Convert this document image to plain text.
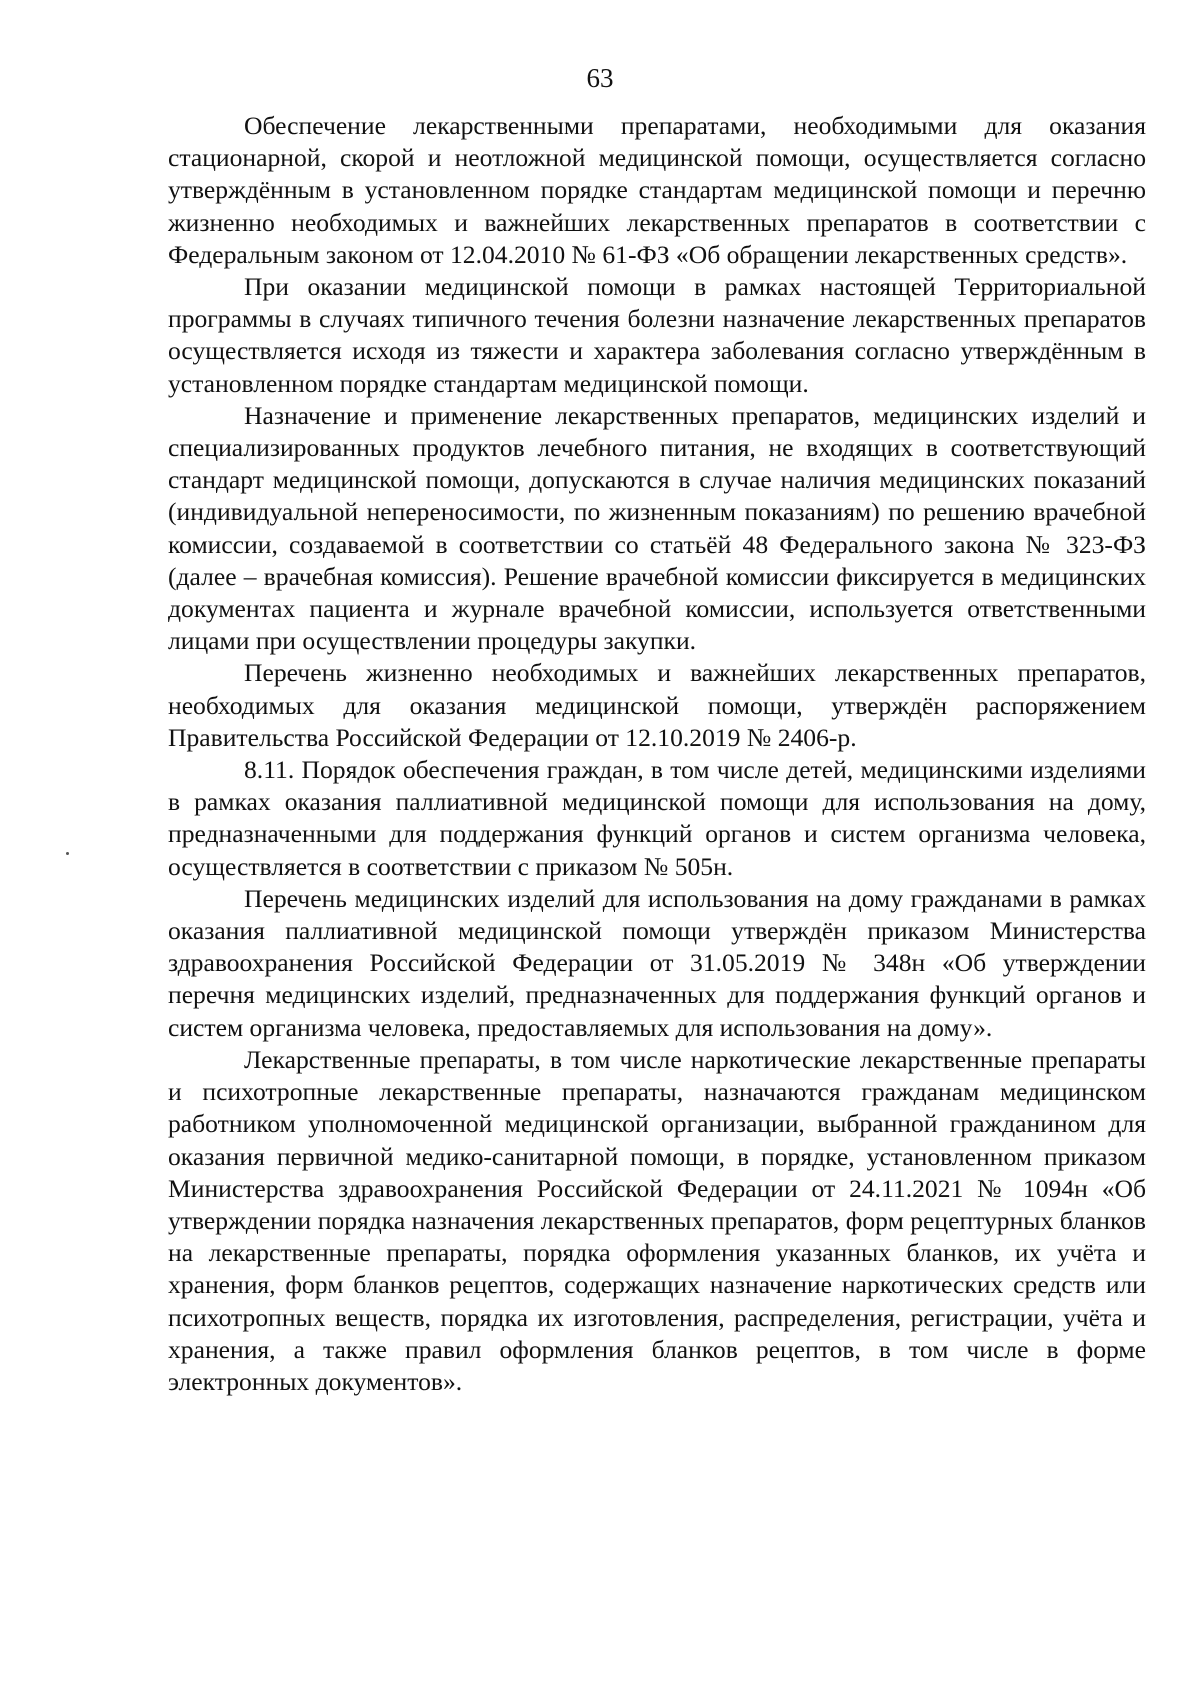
63

Обеспечение лекарственными препаратами, необходимыми для оказания стационарной, скорой и неотложной медицинской помощи, осуществляется согласно утверждённым в установленном порядке стандартам медицинской помощи и перечню жизненно необходимых и важнейших лекарственных препаратов в соответствии с Федеральным законом от 12.04.2010 № 61-ФЗ «Об обращении лекарственных средств».

При оказании медицинской помощи в рамках настоящей Территориальной программы в случаях типичного течения болезни назначение лекарственных препаратов осуществляется исходя из тяжести и характера заболевания согласно утверждённым в установленном порядке стандартам медицинской помощи.

Назначение и применение лекарственных препаратов, медицинских изделий и специализированных продуктов лечебного питания, не входящих в соответствующий стандарт медицинской помощи, допускаются в случае наличия медицинских показаний (индивидуальной непереносимости, по жизненным показаниям) по решению врачебной комиссии, создаваемой в соответствии со статьёй 48 Федерального закона № 323-ФЗ (далее – врачебная комиссия). Решение врачебной комиссии фиксируется в медицинских документах пациента и журнале врачебной комиссии, используется ответственными лицами при осуществлении процедуры закупки.

Перечень жизненно необходимых и важнейших лекарственных препаратов, необходимых для оказания медицинской помощи, утверждён распоряжением Правительства Российской Федерации от 12.10.2019 № 2406-р.

8.11. Порядок обеспечения граждан, в том числе детей, медицинскими изделиями в рамках оказания паллиативной медицинской помощи для использования на дому, предназначенными для поддержания функций органов и систем организма человека, осуществляется в соответствии с приказом № 505н.

Перечень медицинских изделий для использования на дому гражданами в рамках оказания паллиативной медицинской помощи утверждён приказом Министерства здравоохранения Российской Федерации от 31.05.2019 № 348н «Об утверждении перечня медицинских изделий, предназначенных для поддержания функций органов и систем организма человека, предоставляемых для использования на дому».

Лекарственные препараты, в том числе наркотические лекарственные препараты и психотропные лекарственные препараты, назначаются гражданам медицинском работником уполномоченной медицинской организации, выбранной гражданином для оказания первичной медико-санитарной помощи, в порядке, установленном приказом Министерства здравоохранения Российской Федерации от 24.11.2021 № 1094н «Об утверждении порядка назначения лекарственных препаратов, форм рецептурных бланков на лекарственные препараты, порядка оформления указанных бланков, их учёта и хранения, форм бланков рецептов, содержащих назначение наркотических средств или психотропных веществ, порядка их изготовления, распределения, регистрации, учёта и хранения, а также правил оформления бланков рецептов, в том числе в форме электронных документов».
